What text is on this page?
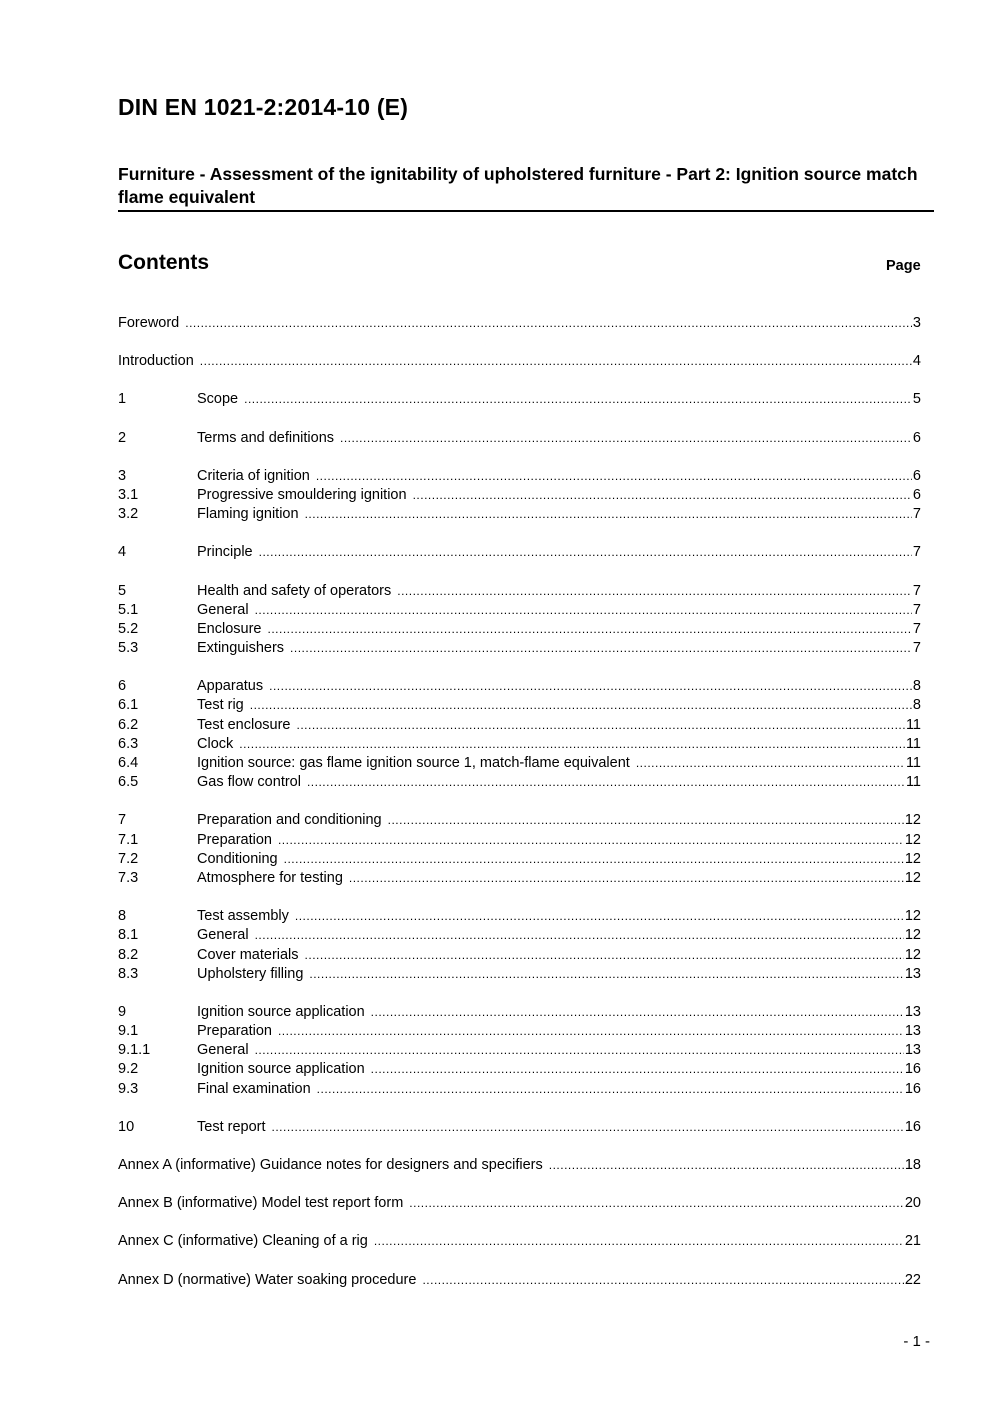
DIN EN 1021-2:2014-10 (E)
Furniture - Assessment of the ignitability of upholstered furniture - Part 2: Ignition source match flame equivalent
Contents	Page
Foreword .....	3
Introduction .....	4
1	Scope .....	5
2	Terms and definitions .....	6
3	Criteria of ignition .....	6
3.1	Progressive smouldering ignition .....	6
3.2	Flaming ignition .....	7
4	Principle .....	7
5	Health and safety of operators .....	7
5.1	General .....	7
5.2	Enclosure .....	7
5.3	Extinguishers .....	7
6	Apparatus .....	8
6.1	Test rig .....	8
6.2	Test enclosure .....	11
6.3	Clock .....	11
6.4	Ignition source: gas flame ignition source 1, match-flame equivalent .....	11
6.5	Gas flow control .....	11
7	Preparation and conditioning .....	12
7.1	Preparation .....	12
7.2	Conditioning .....	12
7.3	Atmosphere for testing .....	12
8	Test assembly .....	12
8.1	General .....	12
8.2	Cover materials .....	12
8.3	Upholstery filling .....	13
9	Ignition source application .....	13
9.1	Preparation .....	13
9.1.1	General .....	13
9.2	Ignition source application .....	16
9.3	Final examination .....	16
10	Test report .....	16
Annex A (informative) Guidance notes for designers and specifiers .....	18
Annex B (informative) Model test report form .....	20
Annex C (informative) Cleaning of a rig .....	21
Annex D (normative) Water soaking procedure .....	22
- 1 -
